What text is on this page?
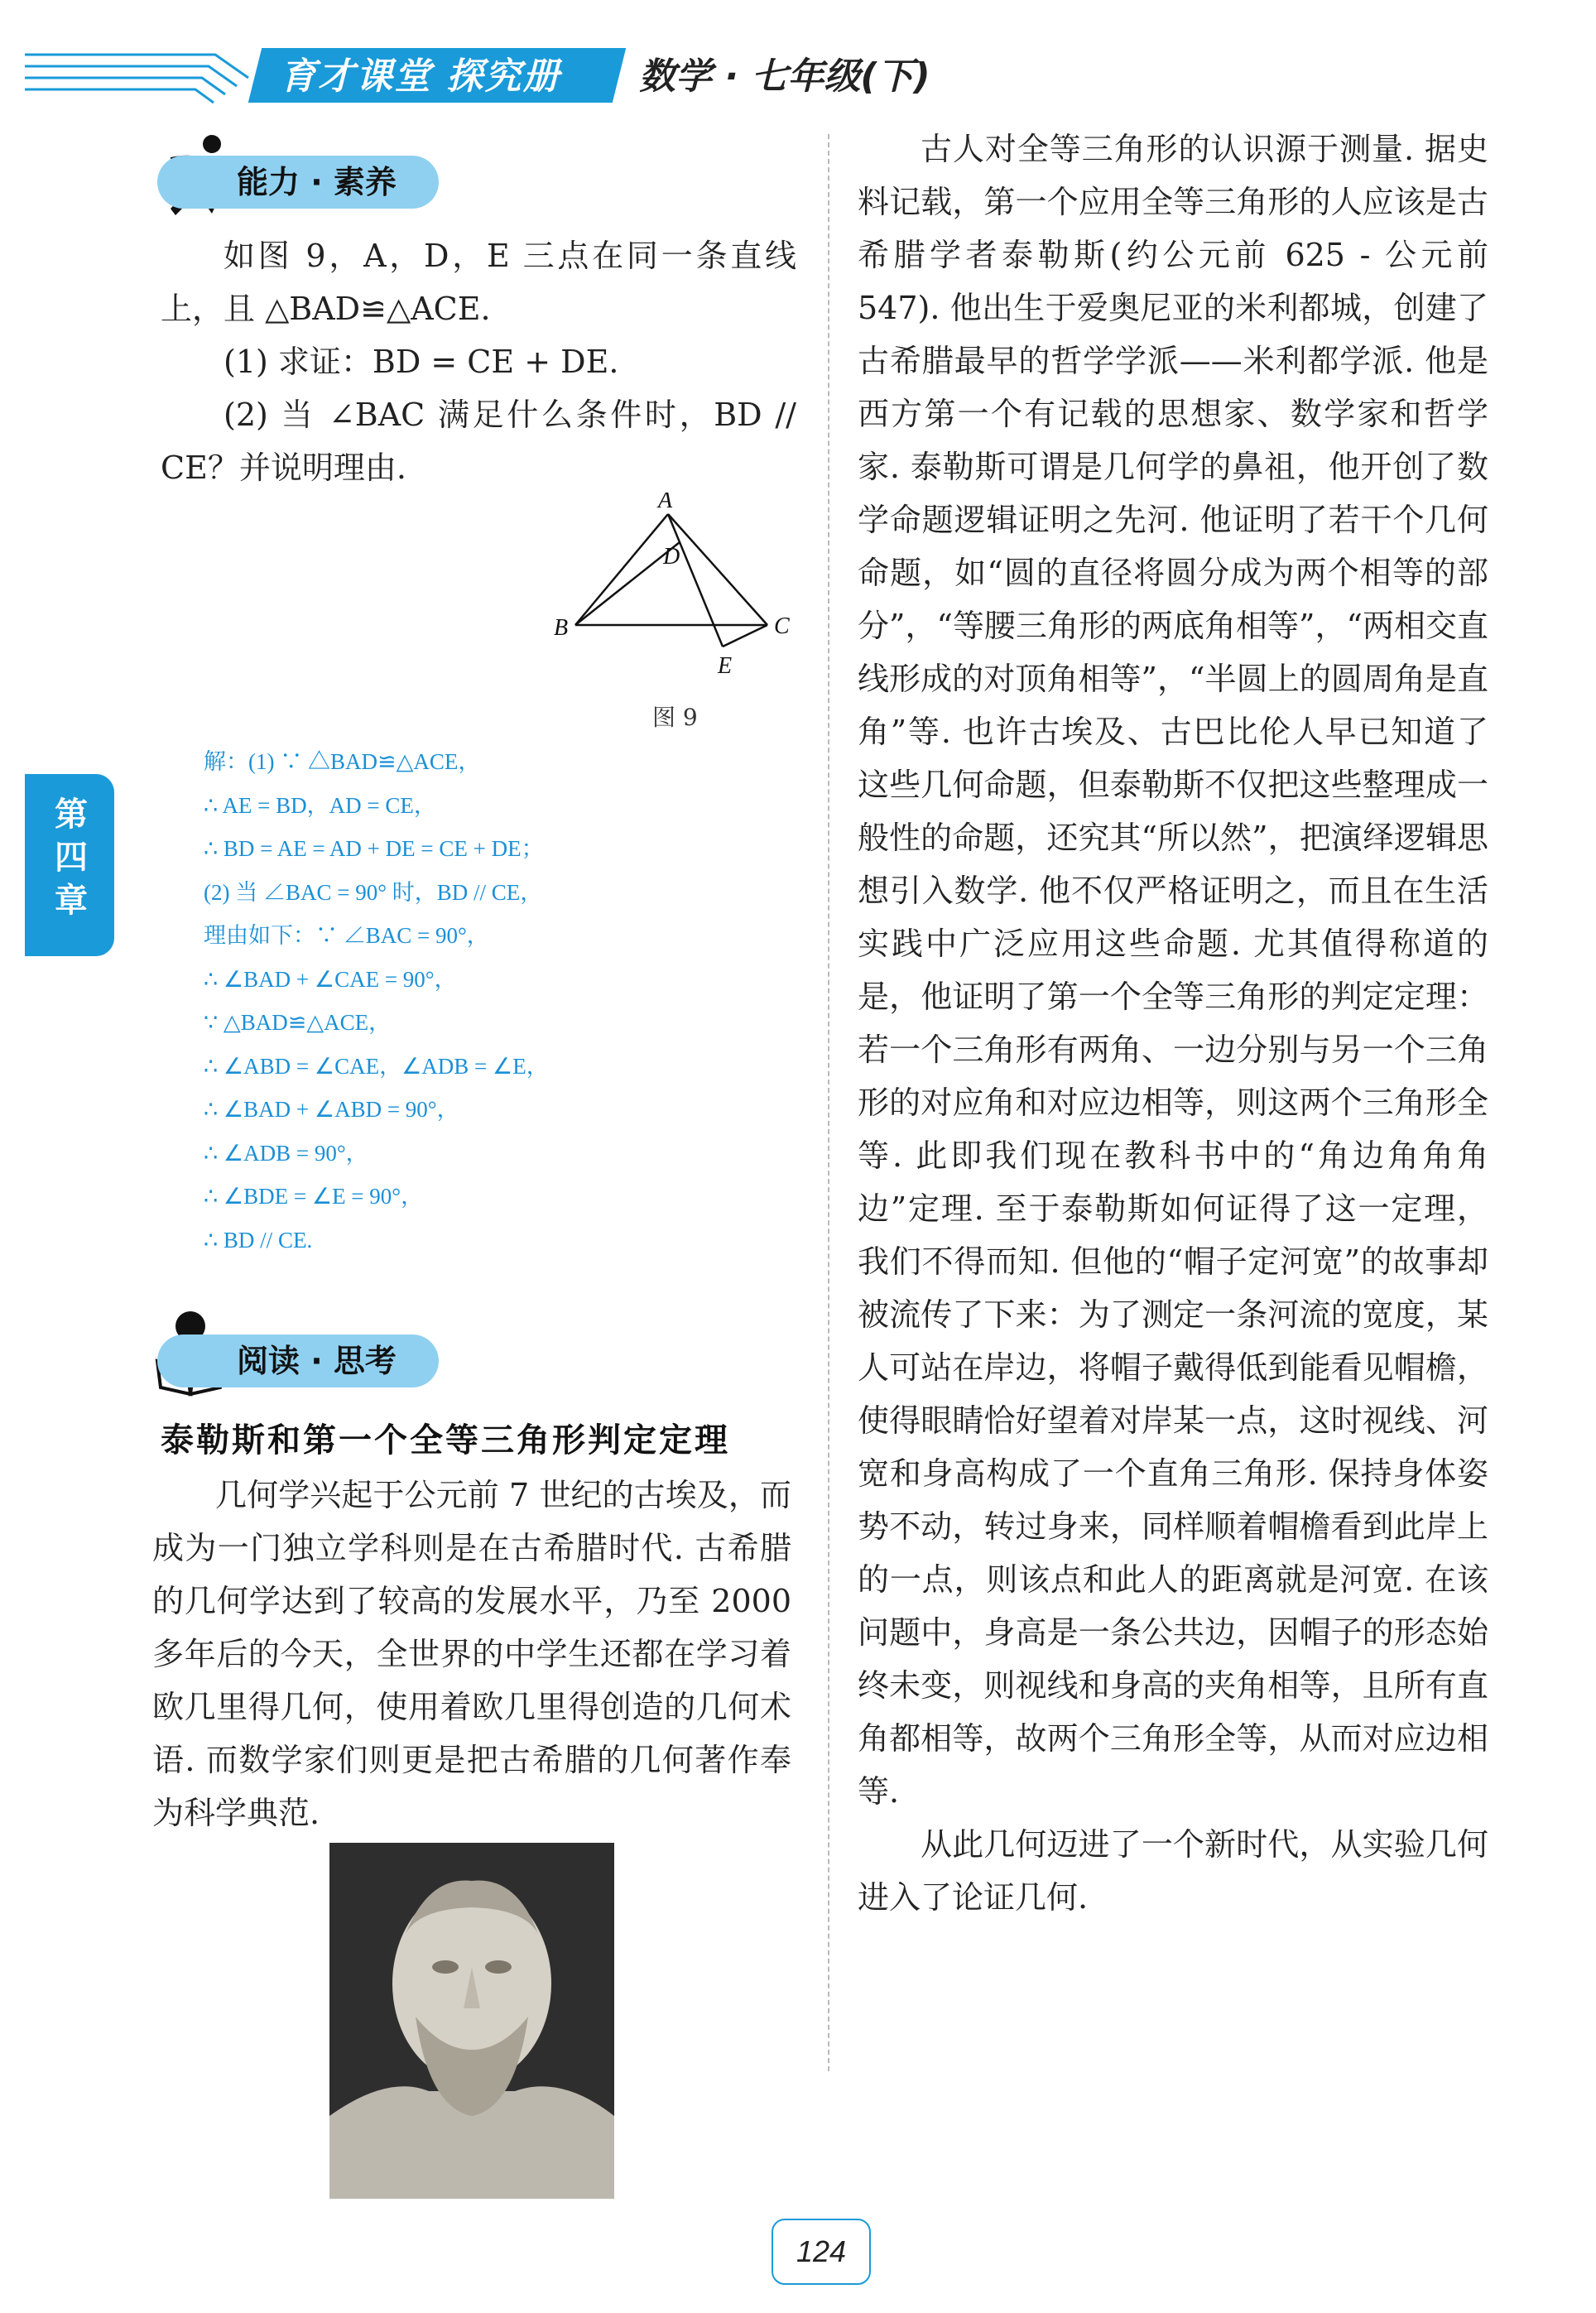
育才课堂 探究册	数学 · 七年级(下)
第四章
能力 · 素养

如图 9，A，D，E 三点在同一条直线上，且 △BAD≌△ACE.

(1) 求证：BD = CE + DE.

(2) 当 ∠BAC 满足什么条件时，BD // CE？并说明理由.

A
B	C
D
E
图 9
解：(1) ∵ △BAD≌△ACE，
∴ AE = BD，AD = CE，
∴ BD = AE = AD + DE = CE + DE；
(2) 当 ∠BAC = 90° 时，BD // CE，
理由如下：∵ ∠BAC = 90°，
∴ ∠BAD + ∠CAE = 90°，
∵ △BAD≌△ACE，
∴ ∠ABD = ∠CAE，∠ADB = ∠E，
∴ ∠BAD + ∠ABD = 90°，
∴ ∠ADB = 90°，
∴ ∠BDE = ∠E = 90°，
∴ BD // CE.
阅读 · 思考
泰勒斯和第一个全等三角形判定定理

几何学兴起于公元前 7 世纪的古埃及，而成为一门独立学科则是在古希腊时代. 古希腊的几何学达到了较高的发展水平，乃至 2000 多年后的今天，全世界的中学生还都在学习着欧几里得几何，使用着欧几里得创造的几何术语. 而数学家们则更是把古希腊的几何著作奉为科学典范.

古人对全等三角形的认识源于测量. 据史料记载，第一个应用全等三角形的人应该是古希腊学者泰勒斯(约公元前 625 - 公元前 547). 他出生于爱奥尼亚的米利都城，创建了古希腊最早的哲学学派——米利都学派. 他是西方第一个有记载的思想家、数学家和哲学家. 泰勒斯可谓是几何学的鼻祖，他开创了数学命题逻辑证明之先河. 他证明了若干个几何命题，如“圆的直径将圆分成为两个相等的部分”，“等腰三角形的两底角相等”，“两相交直线形成的对顶角相等”，“半圆上的圆周角是直角”等. 也许古埃及、古巴比伦人早已知道了这些几何命题，但泰勒斯不仅把这些整理成一般性的命题，还究其“所以然”，把演绎逻辑思想引入数学. 他不仅严格证明之，而且在生活实践中广泛应用这些命题. 尤其值得称道的是，他证明了第一个全等三角形的判定定理：若一个三角形有两角、一边分别与另一个三角形的对应角和对应边相等，则这两个三角形全等. 此即我们现在教科书中的“角边角角角边”定理. 至于泰勒斯如何证得了这一定理，我们不得而知. 但他的“帽子定河宽”的故事却被流传了下来：为了测定一条河流的宽度，某人可站在岸边，将帽子戴得低到能看见帽檐，使得眼睛恰好望着对岸某一点，这时视线、河宽和身高构成了一个直角三角形. 保持身体姿势不动，转过身来，同样顺着帽檐看到此岸上的一点，则该点和此人的距离就是河宽. 在该问题中，身高是一条公共边，因帽子的形态始终未变，则视线和身高的夹角相等，且所有直角都相等，故两个三角形全等，从而对应边相等.

从此几何迈进了一个新时代，从实验几何进入了论证几何.

124
